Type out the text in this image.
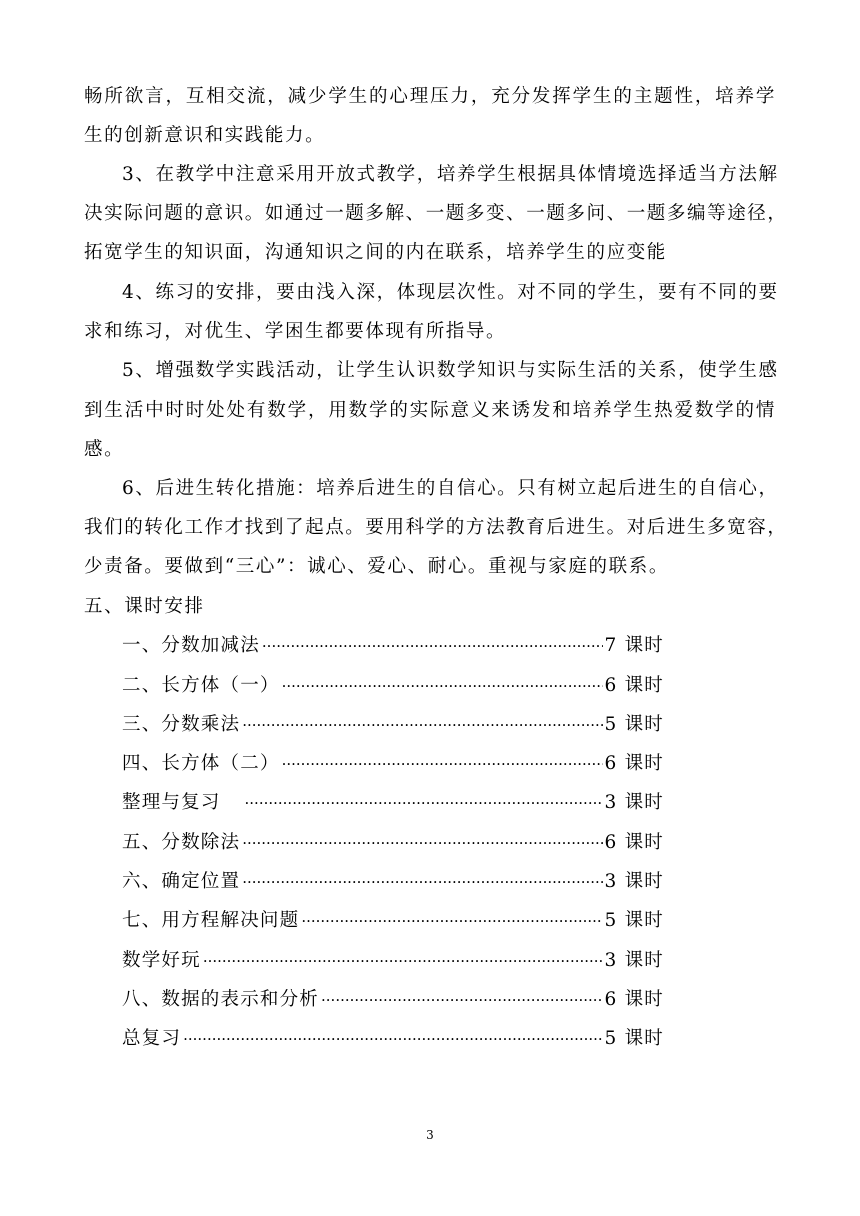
畅所欲言，互相交流，减少学生的心理压力，充分发挥学生的主题性，培养学
生的创新意识和实践能力。
3、在教学中注意采用开放式教学，培养学生根据具体情境选择适当方法解
决实际问题的意识。如通过一题多解、一题多变、一题多问、一题多编等途径，
拓宽学生的知识面，沟通知识之间的内在联系，培养学生的应变能
4、练习的安排，要由浅入深，体现层次性。对不同的学生，要有不同的要
求和练习，对优生、学困生都要体现有所指导。
5、增强数学实践活动，让学生认识数学知识与实际生活的关系，使学生感
到生活中时时处处有数学，用数学的实际意义来诱发和培养学生热爱数学的情
感。
6、后进生转化措施：培养后进生的自信心。只有树立起后进生的自信心，
我们的转化工作才找到了起点。要用科学的方法教育后进生。对后进生多宽容，
少责备。要做到“三心”：诚心、爱心、耐心。重视与家庭的联系。
五、课时安排
一、分数加减法 ·····	7 课时
二、长方体（一） ·····	6 课时
三、分数乘法 ·····	5 课时
四、长方体（二） ·····	6 课时
整理与复习 ·····	3 课时
五、分数除法 ·····	6 课时
六、确定位置 ·····	3 课时
七、用方程解决问题 ·····	5 课时
数学好玩 ·····	3 课时
八、数据的表示和分析 ·····	6 课时
总复习 ·····	5 课时
3
